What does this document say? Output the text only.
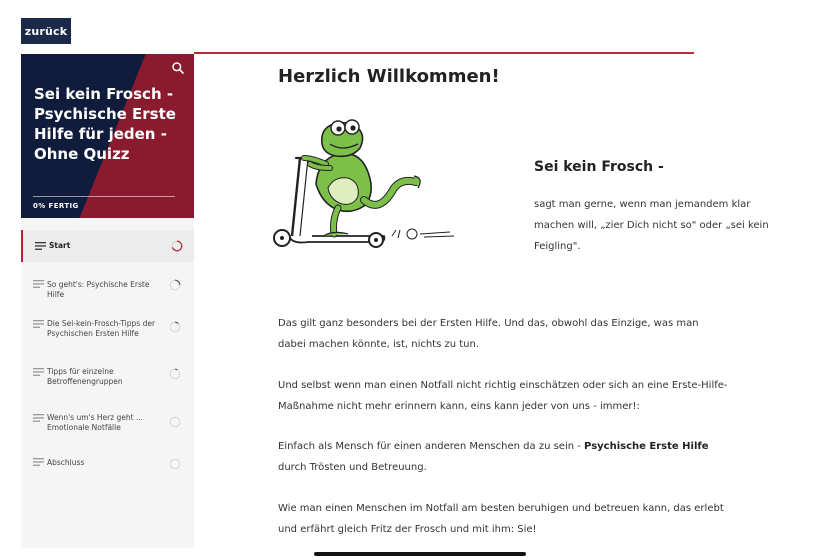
zurück
Sei kein Frosch - Psychische Erste Hilfe für jeden - Ohne Quizz
0% FERTIG
Start
So geht's: Psychische Erste Hilfe
Die Sei-kein-Frosch-Tipps der Psychischen Ersten Hilfe
Tipps für einzelne Betroffenengruppen
Wenn's um's Herz geht ... Emotionale Notfälle
Abschluss
Herzlich Willkommen!
Sei kein Frosch -

sagt man gerne, wenn man jemandem klar machen will, „zier Dich nicht so" oder „sei kein Feigling".

Das gilt ganz besonders bei der Ersten Hilfe. Und das, obwohl das Einzige, was man dabei machen könnte, ist, nichts zu tun.

Und selbst wenn man einen Notfall nicht richtig einschätzen oder sich an eine Erste-Hilfe-Maßnahme nicht mehr erinnern kann, eins kann jeder von uns - immer!:

Einfach als Mensch für einen anderen Menschen da zu sein - Psychische Erste Hilfe durch Trösten und Betreuung.

Wie man einen Menschen im Notfall am besten beruhigen und betreuen kann, das erlebt und erfährt gleich Fritz der Frosch und mit ihm: Sie!
